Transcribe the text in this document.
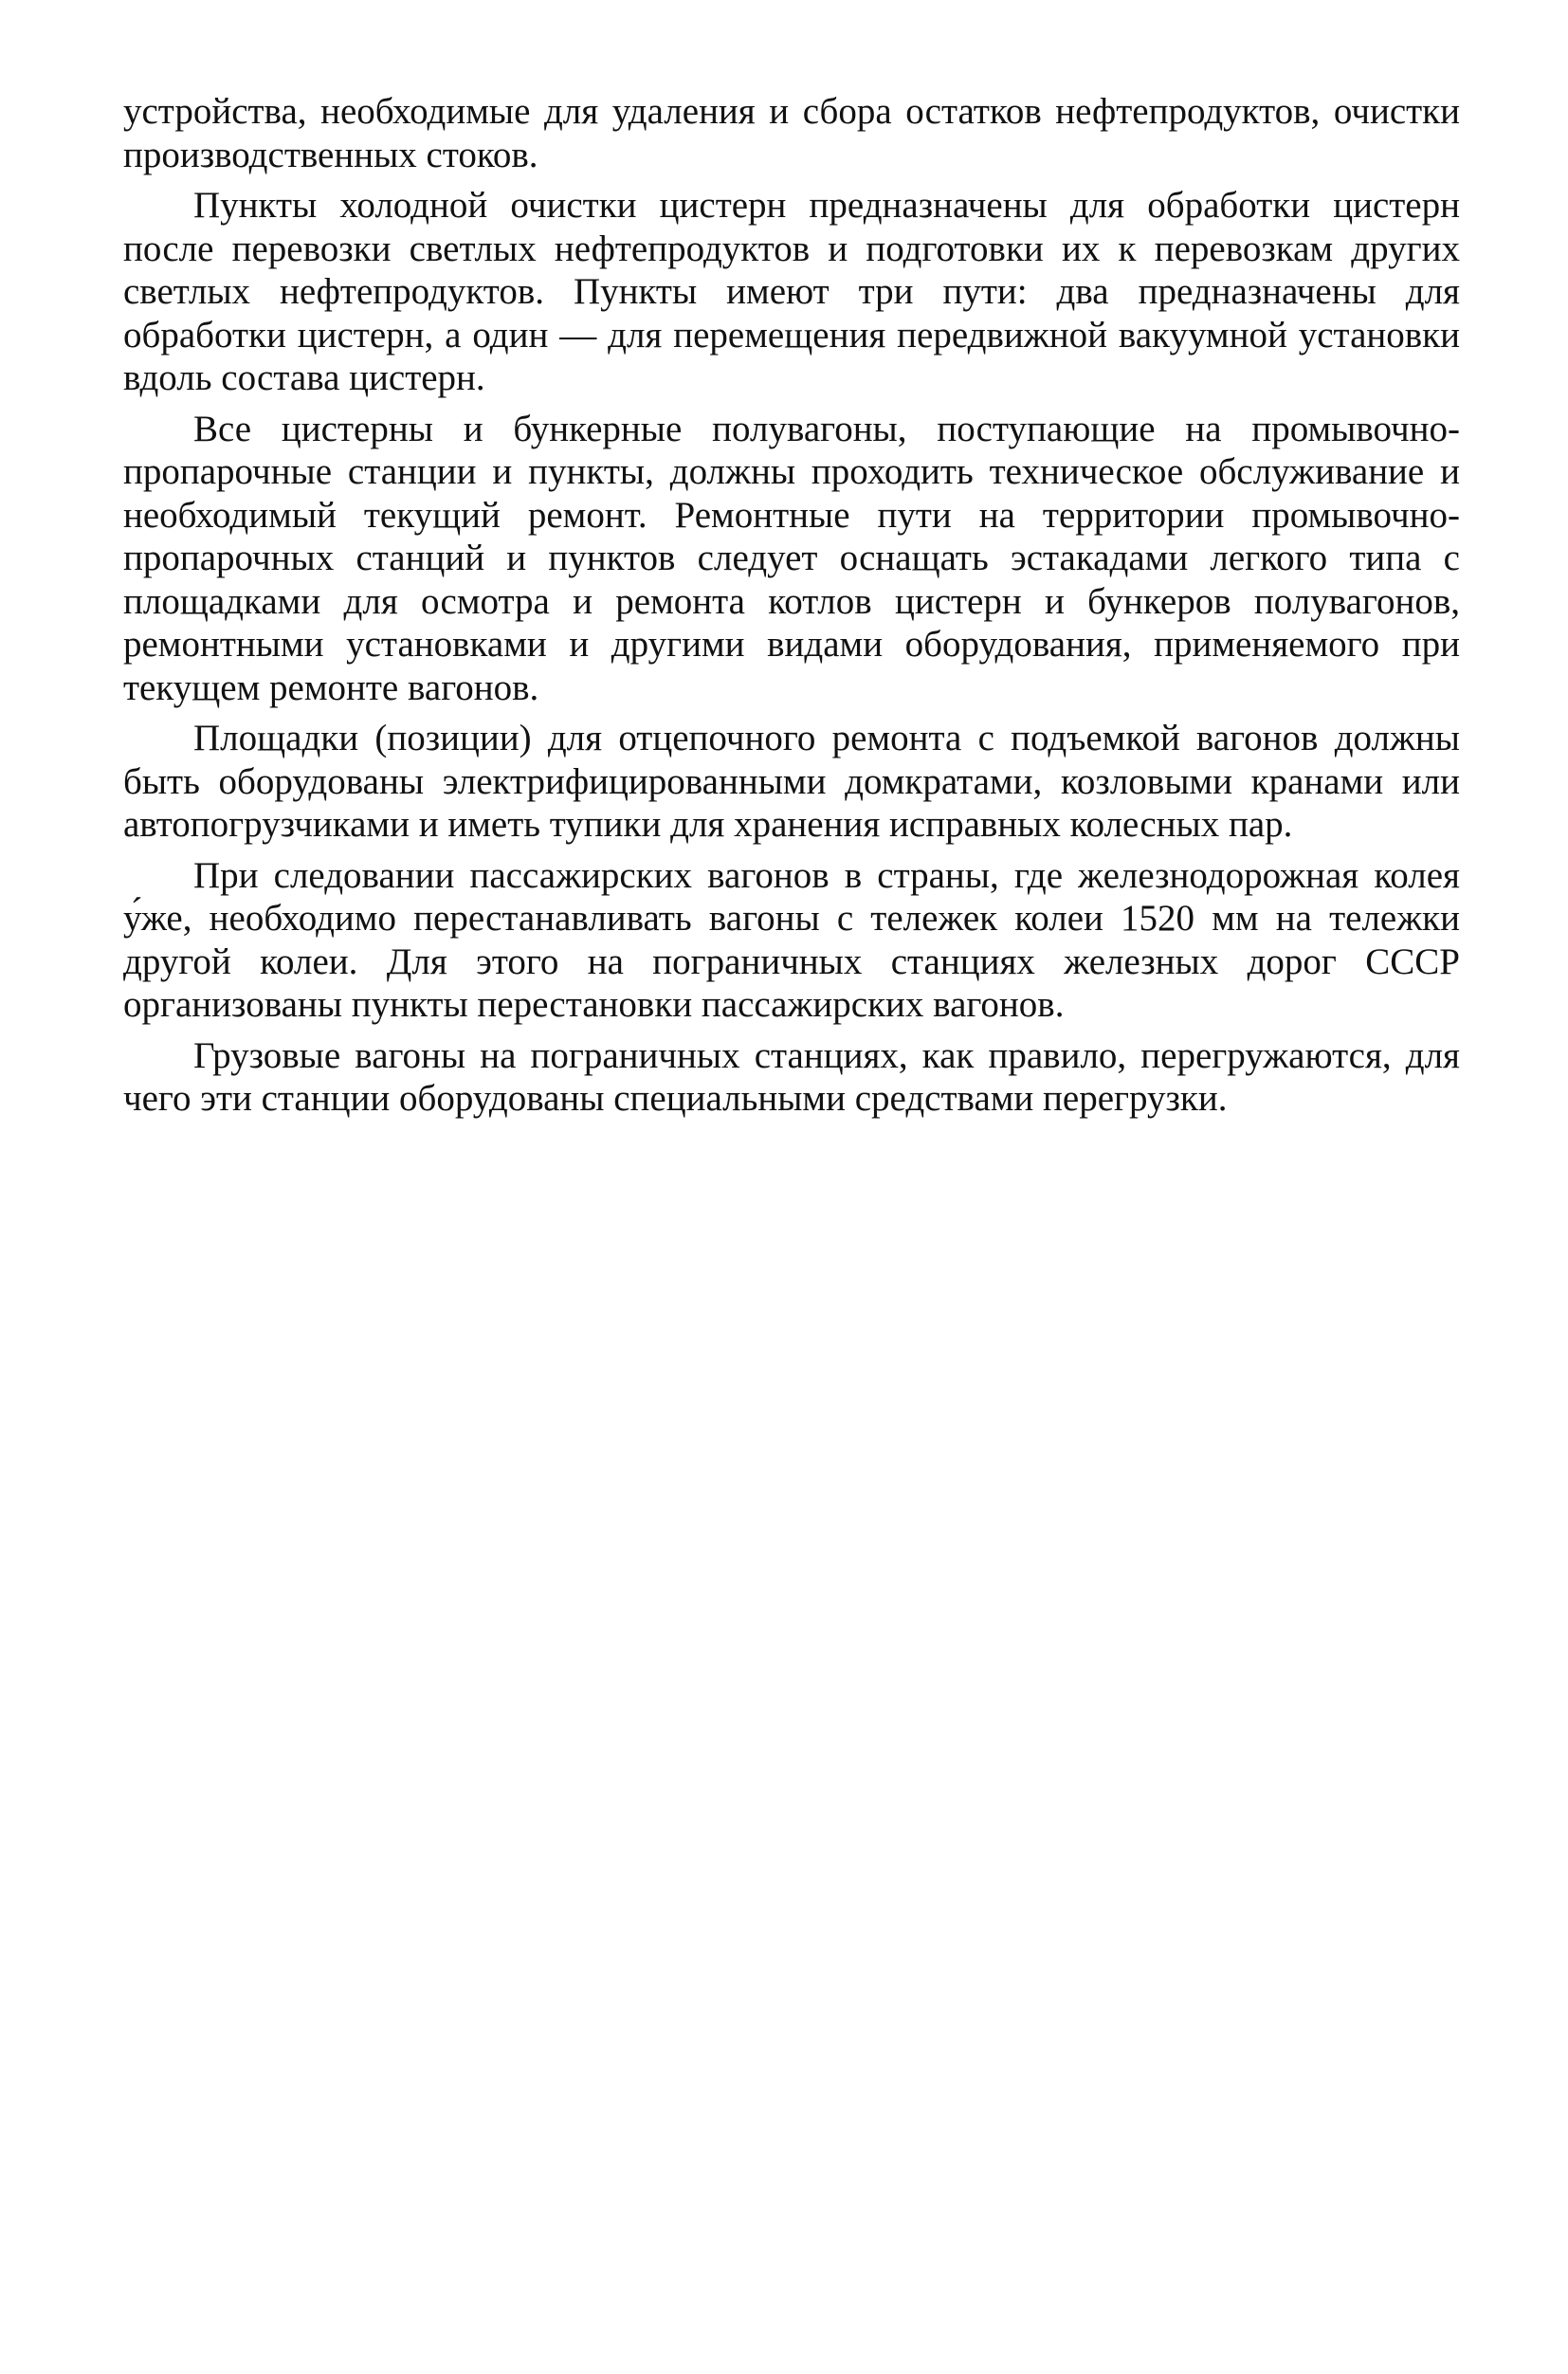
устройства, необходимые для удаления и сбора остатков нефтепродуктов, очистки производственных стоков.

Пункты холодной очистки цистерн предназначены для обработки цистерн после перевозки светлых нефтепродуктов и подготовки их к перевозкам других светлых нефтепродуктов. Пункты имеют три пути: два предназначены для обработки цистерн, а один — для перемещения передвижной вакуумной установки вдоль состава цистерн.

Все цистерны и бункерные полувагоны, поступающие на промывочно-пропарочные станции и пункты, должны проходить техническое обслуживание и необходимый текущий ремонт. Ремонтные пути на территории промывочно-пропарочных станций и пунктов следует оснащать эстакадами легкого типа с площадками для осмотра и ремонта котлов цистерн и бункеров полувагонов, ремонтными установками и другими видами оборудования, применяемого при текущем ремонте вагонов.

Площадки (позиции) для отцепочного ремонта с подъемкой вагонов должны быть оборудованы электрифицированными домкратами, козловыми кранами или автопогрузчиками и иметь тупики для хранения исправных колесных пар.

При следовании пассажирских вагонов в страны, где железнодорожная колея у́же, необходимо перестанавливать вагоны с тележек колеи 1520 мм на тележки другой колеи. Для этого на пограничных станциях железных дорог СССР организованы пункты перестановки пассажирских вагонов.

Грузовые вагоны на пограничных станциях, как правило, перегружаются, для чего эти станции оборудованы специальными средствами перегрузки.
